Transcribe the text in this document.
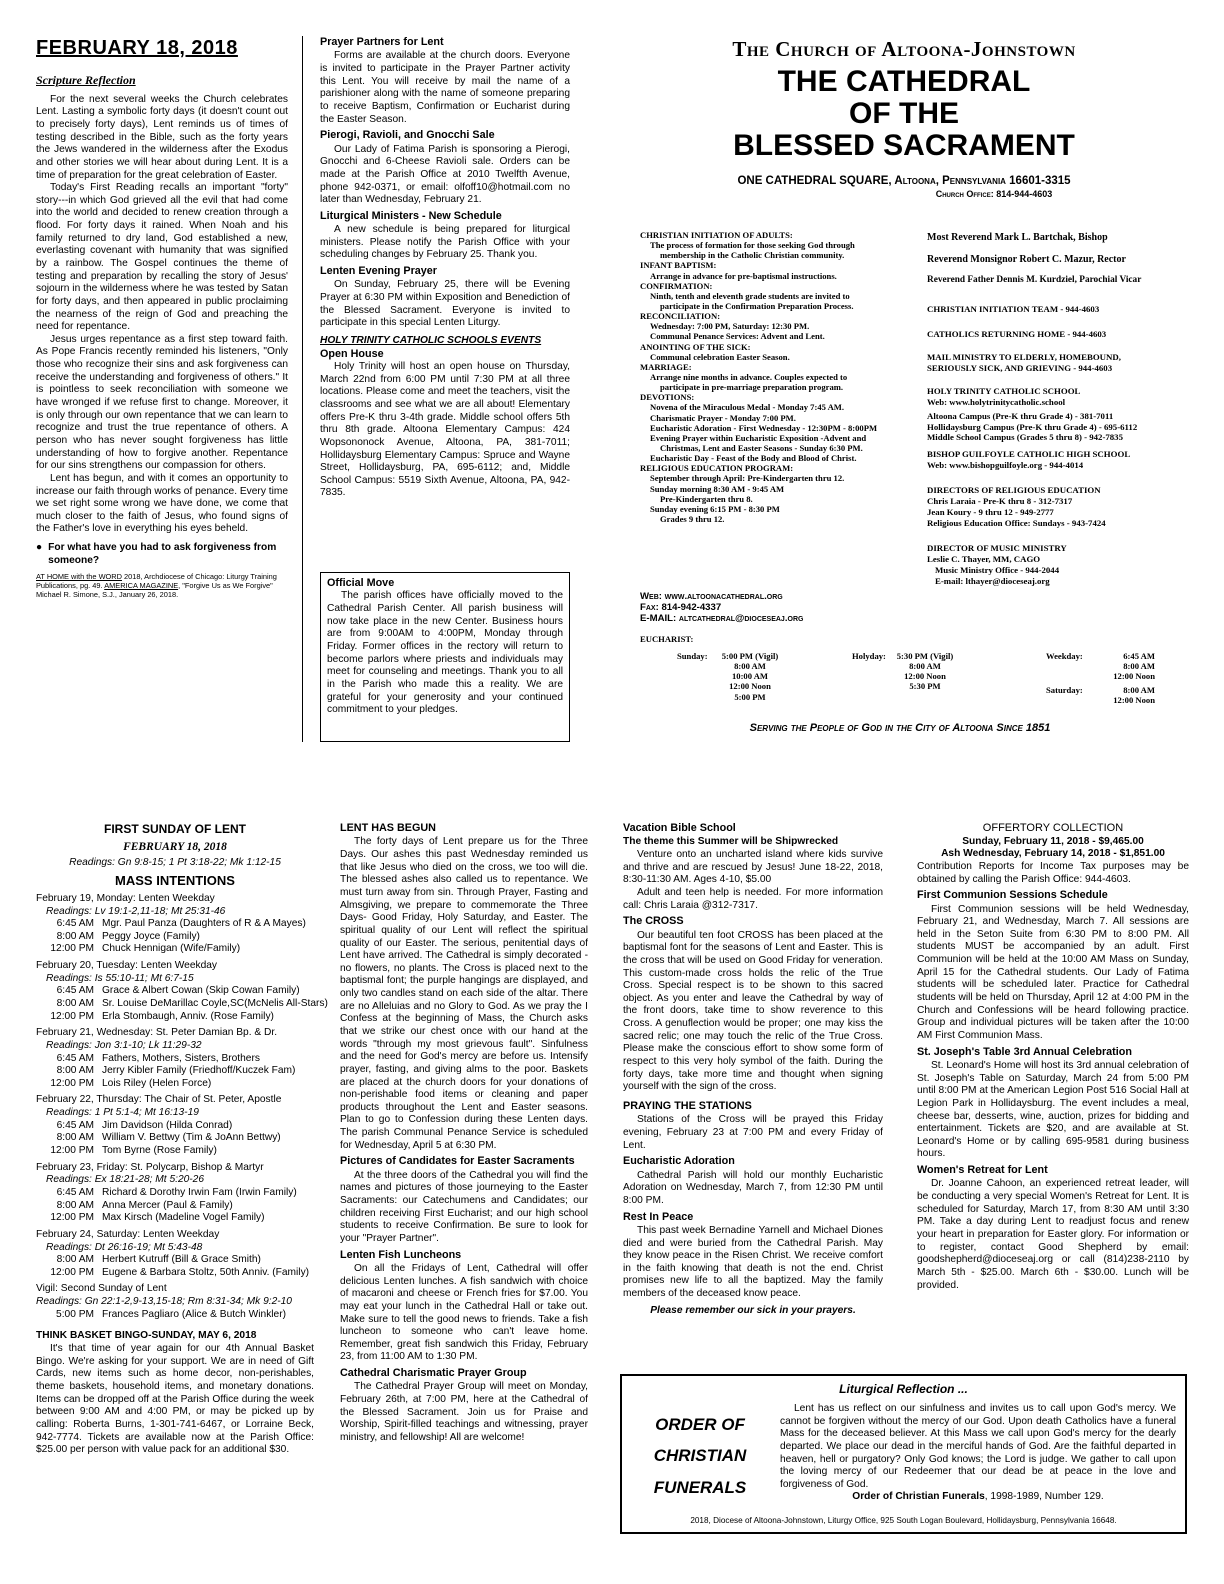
FEBRUARY 18, 2018
Scripture Reflection

For the next several weeks the Church celebrates Lent. Lasting a symbolic forty days (it doesn't count out to precisely forty days), Lent reminds us of times of testing described in the Bible, such as the forty years the Jews wandered in the wilderness after the Exodus and other stories we will hear about during Lent. It is a time of preparation for the great celebration of Easter.

Today's First Reading recalls an important "forty" story---in which God grieved all the evil that had come into the world and decided to renew creation through a flood. For forty days it rained. When Noah and his family returned to dry land, God established a new, everlasting covenant with humanity that was signified by a rainbow. The Gospel continues the theme of testing and preparation by recalling the story of Jesus' sojourn in the wilderness where he was tested by Satan for forty days, and then appeared in public proclaiming the nearness of the reign of God and preaching the need for repentance.

Jesus urges repentance as a first step toward faith. As Pope Francis recently reminded his listeners, "Only those who recognize their sins and ask forgiveness can receive the understanding and forgiveness of others." It is pointless to seek reconciliation with someone we have wronged if we refuse first to change. Moreover, it is only through our own repentance that we can learn to recognize and trust the true repentance of others. A person who has never sought forgiveness has little understanding of how to forgive another. Repentance for our sins strengthens our compassion for others.

Lent has begun, and with it comes an opportunity to increase our faith through works of penance. Every time we set right some wrong we have done, we come that much closer to the faith of Jesus, who found signs of the Father's love in everything his eyes beheld.

● For what have you had to ask forgiveness from someone?
AT HOME with the WORD 2018, Archdiocese of Chicago: Liturgy Training Publications, pg. 49. AMERICA MAGAZINE, "Forgive Us as We Forgive" Michael R. Simone, S.J., January 26, 2018.
Prayer Partners for Lent

Forms are available at the church doors. Everyone is invited to participate in the Prayer Partner activity this Lent. You will receive by mail the name of a parishioner along with the name of someone preparing to receive Baptism, Confirmation or Eucharist during the Easter Season.

Pierogi, Ravioli, and Gnocchi Sale

Our Lady of Fatima Parish is sponsoring a Pierogi, Gnocchi and 6-Cheese Ravioli sale. Orders can be made at the Parish Office at 2010 Twelfth Avenue, phone 942-0371, or email: olfoff10@hotmail.com no later than Wednesday, February 21.

Liturgical Ministers - New Schedule

A new schedule is being prepared for liturgical ministers. Please notify the Parish Office with your scheduling changes by February 25. Thank you.

Lenten Evening Prayer

On Sunday, February 25, there will be Evening Prayer at 6:30 PM within Exposition and Benediction of the Blessed Sacrament. Everyone is invited to participate in this special Lenten Liturgy.

HOLY TRINITY CATHOLIC SCHOOLS EVENTS
Open House

Holy Trinity will host an open house on Thursday, March 22nd from 6:00 PM until 7:30 PM at all three locations. Please come and meet the teachers, visit the classrooms and see what we are all about! Elementary offers Pre-K thru 3-4th grade. Middle school offers 5th thru 8th grade. Altoona Elementary Campus: 424 Wopsononock Avenue, Altoona, PA, 381-7011; Hollidaysburg Elementary Campus: Spruce and Wayne Street, Hollidaysburg, PA, 695-6112; and, Middle School Campus: 5519 Sixth Avenue, Altoona, PA, 942-7835.

Official Move

The parish offices have officially moved to the Cathedral Parish Center. All parish business will now take place in the new Center. Business hours are from 9:00AM to 4:00PM, Monday through Friday. Former offices in the rectory will return to become parlors where priests and individuals may meet for counseling and meetings. Thank you to all in the Parish who made this a reality. We are grateful for your generosity and your continued commitment to your pledges.

The Church of Altoona-Johnstown
THE CATHEDRAL
OF THE
BLESSED SACRAMENT
ONE CATHEDRAL SQUARE, Altoona, Pennsylvania 16601-3315
Church Office: 814-944-4603
CHRISTIAN INITIATION OF ADULTS:
The process of formation for those seeking God through
membership in the Catholic Christian community.
INFANT BAPTISM:
Arrange in advance for pre-baptismal instructions.
CONFIRMATION:
Ninth, tenth and eleventh grade students are invited to
participate in the Confirmation Preparation Process.
RECONCILIATION:
Wednesday: 7:00 PM, Saturday: 12:30 PM.
Communal Penance Services: Advent and Lent.
ANOINTING OF THE SICK:
Communal celebration Easter Season.
MARRIAGE:
Arrange nine months in advance. Couples expected to
participate in pre-marriage preparation program.
DEVOTIONS:
Novena of the Miraculous Medal - Monday 7:45 AM.
Charismatic Prayer - Monday 7:00 PM.
Eucharistic Adoration - First Wednesday - 12:30PM - 8:00PM
Evening Prayer within Eucharistic Exposition -Advent and
Christmas, Lent and Easter Seasons - Sunday 6:30 PM.
Eucharistic Day - Feast of the Body and Blood of Christ.
RELIGIOUS EDUCATION PROGRAM:
September through April: Pre-Kindergarten thru 12.
Sunday morning 8:30 AM - 9:45 AM
Pre-Kindergarten thru 8.
Sunday evening 6:15 PM - 8:30 PM
Grades 9 thru 12.
Web: www.altoonacathedral.org
Fax: 814-942-4337
E-MAIL: altcathedral@dioceseaj.org
Most Reverend Mark L. Bartchak, Bishop
Reverend Monsignor Robert C. Mazur, Rector
Reverend Father Dennis M. Kurdziel, Parochial Vicar
CHRISTIAN INITIATION TEAM - 944-4603
CATHOLICS RETURNING HOME - 944-4603
MAIL MINISTRY TO ELDERLY, HOMEBOUND,
SERIOUSLY SICK, AND GRIEVING - 944-4603
HOLY TRINITY CATHOLIC SCHOOL
Web: www.holytrinitycatholic.school
Altoona Campus (Pre-K thru Grade 4) - 381-7011
Hollidaysburg Campus (Pre-K thru Grade 4) - 695-6112
Middle School Campus (Grades 5 thru 8) - 942-7835
BISHOP GUILFOYLE CATHOLIC HIGH SCHOOL
Web: www.bishopguilfoyle.org - 944-4014
DIRECTORS OF RELIGIOUS EDUCATION
Chris Laraia - Pre-K thru 8 - 312-7317
Jean Koury - 9 thru 12 - 949-2777
Religious Education Office: Sundays - 943-7424
DIRECTOR OF MUSIC MINISTRY
Leslie C. Thayer, MM, CAGO
Music Ministry Office - 944-2044
E-mail: lthayer@dioceseaj.org
EUCHARIST:
Sunday: 5:00 PM (Vigil)
8:00 AM
10:00 AM
12:00 Noon
5:00 PM
Holyday:	5:30 PM (Vigil)
8:00 AM
12:00 Noon
5:30 PM
Weekday:	6:45 AM
8:00 AM
12:00 Noon
Saturday:	8:00 AM
12:00 Noon
Serving the People of God in the City of Altoona Since 1851
FIRST SUNDAY OF LENT
FEBRUARY 18, 2018
Readings: Gn 9:8-15; 1 Pt 3:18-22; Mk 1:12-15
MASS INTENTIONS
February 19, Monday: Lenten Weekday
Readings: Lv 19:1-2,11-18; Mt 25:31-46
6:45 AM Mgr. Paul Panza (Daughters of R & A Mayes)
8:00 AM Peggy Joyce (Family)
12:00 PM Chuck Hennigan (Wife/Family)
February 20, Tuesday: Lenten Weekday
Readings: Is 55:10-11; Mt 6:7-15
6:45 AM Grace & Albert Cowan (Skip Cowan Family)
8:00 AM Sr. Louise DeMarillac Coyle,SC(McNelis All-Stars)
12:00 PM Erla Stombaugh, Anniv. (Rose Family)
February 21, Wednesday: St. Peter Damian Bp. & Dr.
Readings: Jon 3:1-10; Lk 11:29-32
6:45 AM Fathers, Mothers, Sisters, Brothers
8:00 AM Jerry Kibler Family (Friedhoff/Kuczek Fam)
12:00 PM Lois Riley (Helen Force)
February 22, Thursday: The Chair of St. Peter, Apostle
Readings: 1 Pt 5:1-4; Mt 16:13-19
6:45 AM Jim Davidson (Hilda Conrad)
8:00 AM William V. Bettwy (Tim & JoAnn Bettwy)
12:00 PM Tom Byrne (Rose Family)
February 23, Friday: St. Polycarp, Bishop & Martyr
Readings: Ex 18:21-28; Mt 5:20-26
6:45 AM Richard & Dorothy Irwin Fam (Irwin Family)
8:00 AM Anna Mercer (Paul & Family)
12:00 PM Max Kirsch (Madeline Vogel Family)
February 24, Saturday: Lenten Weekday
Readings: Dt 26:16-19; Mt 5:43-48
8:00 AM Herbert Kutruff (Bill & Grace Smith)
12:00 PM Eugene & Barbara Stoltz, 50th Anniv. (Family)
Vigil: Second Sunday of Lent
Readings: Gn 22:1-2,9-13,15-18; Rm 8:31-34; Mk 9:2-10
5:00 PM Frances Pagliaro (Alice & Butch Winkler)
THINK BASKET BINGO-SUNDAY, MAY 6, 2018

It's that time of year again for our 4th Annual Basket Bingo. We're asking for your support. We are in need of Gift Cards, new items such as home decor, non-perishables, theme baskets, household items, and monetary donations. Items can be dropped off at the Parish Office during the week between 9:00 AM and 4:00 PM, or may be picked up by calling: Roberta Burns, 1-301-741-6467, or Lorraine Beck, 942-7774. Tickets are available now at the Parish Office: $25.00 per person with value pack for an additional $30.

LENT HAS BEGUN

The forty days of Lent prepare us for the Three Days. Our ashes this past Wednesday reminded us that like Jesus who died on the cross, we too will die. The blessed ashes also called us to repentance. We must turn away from sin. Through Prayer, Fasting and Almsgiving, we prepare to commemorate the Three Days- Good Friday, Holy Saturday, and Easter. The spiritual quality of our Lent will reflect the spiritual quality of our Easter. The serious, penitential days of Lent have arrived. The Cathedral is simply decorated - no flowers, no plants. The Cross is placed next to the baptismal font; the purple hangings are displayed, and only two candles stand on each side of the altar. There are no Alleluias and no Glory to God. As we pray the I Confess at the beginning of Mass, the Church asks that we strike our chest once with our hand at the words "through my most grievous fault". Sinfulness and the need for God's mercy are before us. Intensify prayer, fasting, and giving alms to the poor. Baskets are placed at the church doors for your donations of non-perishable food items or cleaning and paper products throughout the Lent and Easter seasons. Plan to go to Confession during these Lenten days. The parish Communal Penance Service is scheduled for Wednesday, April 5 at 6:30 PM.

Pictures of Candidates for Easter Sacraments

At the three doors of the Cathedral you will find the names and pictures of those journeying to the Easter Sacraments: our Catechumens and Candidates; our children receiving First Eucharist; and our high school students to receive Confirmation. Be sure to look for your "Prayer Partner".

Lenten Fish Luncheons

On all the Fridays of Lent, Cathedral will offer delicious Lenten lunches. A fish sandwich with choice of macaroni and cheese or French fries for $7.00. You may eat your lunch in the Cathedral Hall or take out. Make sure to tell the good news to friends. Take a fish luncheon to someone who can't leave home. Remember, great fish sandwich this Friday, February 23, from 11:00 AM to 1:30 PM.

Cathedral Charismatic Prayer Group

The Cathedral Prayer Group will meet on Monday, February 26th, at 7:00 PM, here at the Cathedral of the Blessed Sacrament. Join us for Praise and Worship, Spirit-filled teachings and witnessing, prayer ministry, and fellowship! All are welcome!

Vacation Bible School
The theme this Summer will be Shipwrecked

Venture onto an uncharted island where kids survive and thrive and are rescued by Jesus! June 18-22, 2018, 8:30-11:30 AM. Ages 4-10, $5.00

Adult and teen help is needed. For more information call: Chris Laraia @312-7317.

The CROSS

Our beautiful ten foot CROSS has been placed at the baptismal font for the seasons of Lent and Easter. This is the cross that will be used on Good Friday for veneration. This custom-made cross holds the relic of the True Cross. Special respect is to be shown to this sacred object. As you enter and leave the Cathedral by way of the front doors, take time to show reverence to this Cross. A genuflection would be proper; one may kiss the sacred relic; one may touch the relic of the True Cross. Please make the conscious effort to show some form of respect to this very holy symbol of the faith. During the forty days, take more time and thought when signing yourself with the sign of the cross.

PRAYING THE STATIONS

Stations of the Cross will be prayed this Friday evening, February 23 at 7:00 PM and every Friday of Lent.

Eucharistic Adoration

Cathedral Parish will hold our monthly Eucharistic Adoration on Wednesday, March 7, from 12:30 PM until 8:00 PM.

Rest In Peace

This past week Bernadine Yarnell and Michael Diones died and were buried from the Cathedral Parish. May they know peace in the Risen Christ. We receive comfort in the faith knowing that death is not the end. Christ promises new life to all the baptized. May the family members of the deceased know peace.

Please remember our sick in your prayers.
OFFERTORY COLLECTION
Sunday, February 11, 2018 - $9,465.00
Ash Wednesday, February 14, 2018 - $1,851.00

Contribution Reports for Income Tax purposes may be obtained by calling the Parish Office: 944-4603.

First Communion Sessions Schedule

First Communion sessions will be held Wednesday, February 21, and Wednesday, March 7. All sessions are held in the Seton Suite from 6:30 PM to 8:00 PM. All students MUST be accompanied by an adult. First Communion will be held at the 10:00 AM Mass on Sunday, April 15 for the Cathedral students. Our Lady of Fatima students will be scheduled later. Practice for Cathedral students will be held on Thursday, April 12 at 4:00 PM in the Church and Confessions will be heard following practice. Group and individual pictures will be taken after the 10:00 AM First Communion Mass.

St. Joseph's Table 3rd Annual Celebration

St. Leonard's Home will host its 3rd annual celebration of St. Joseph's Table on Saturday, March 24 from 5:00 PM until 8:00 PM at the American Legion Post 516 Social Hall at Legion Park in Hollidaysburg. The event includes a meal, cheese bar, desserts, wine, auction, prizes for bidding and entertainment. Tickets are $20, and are available at St. Leonard's Home or by calling 695-9581 during business hours.

Women's Retreat for Lent

Dr. Joanne Cahoon, an experienced retreat leader, will be conducting a very special Women's Retreat for Lent. It is scheduled for Saturday, March 17, from 8:30 AM until 3:30 PM. Take a day during Lent to readjust focus and renew your heart in preparation for Easter glory. For information or to register, contact Good Shepherd by email: goodshepherd@dioceseaj.org or call (814)238-2110 by March 5th - $25.00. March 6th - $30.00. Lunch will be provided.

Liturgical Reflection ...
ORDER OF
CHRISTIAN
FUNERALS

Lent has us reflect on our sinfulness and invites us to call upon God's mercy. We cannot be forgiven without the mercy of our God. Upon death Catholics have a funeral Mass for the deceased believer. At this Mass we call upon God's mercy for the dearly departed. We place our dead in the merciful hands of God. Are the faithful departed in heaven, hell or purgatory? Only God knows; the Lord is judge. We gather to call upon the loving mercy of our Redeemer that our dead be at peace in the love and forgiveness of God.

Order of Christian Funerals, 1998-1989, Number 129.
2018, Diocese of Altoona-Johnstown, Liturgy Office, 925 South Logan Boulevard, Hollidaysburg, Pennsylvania 16648.
